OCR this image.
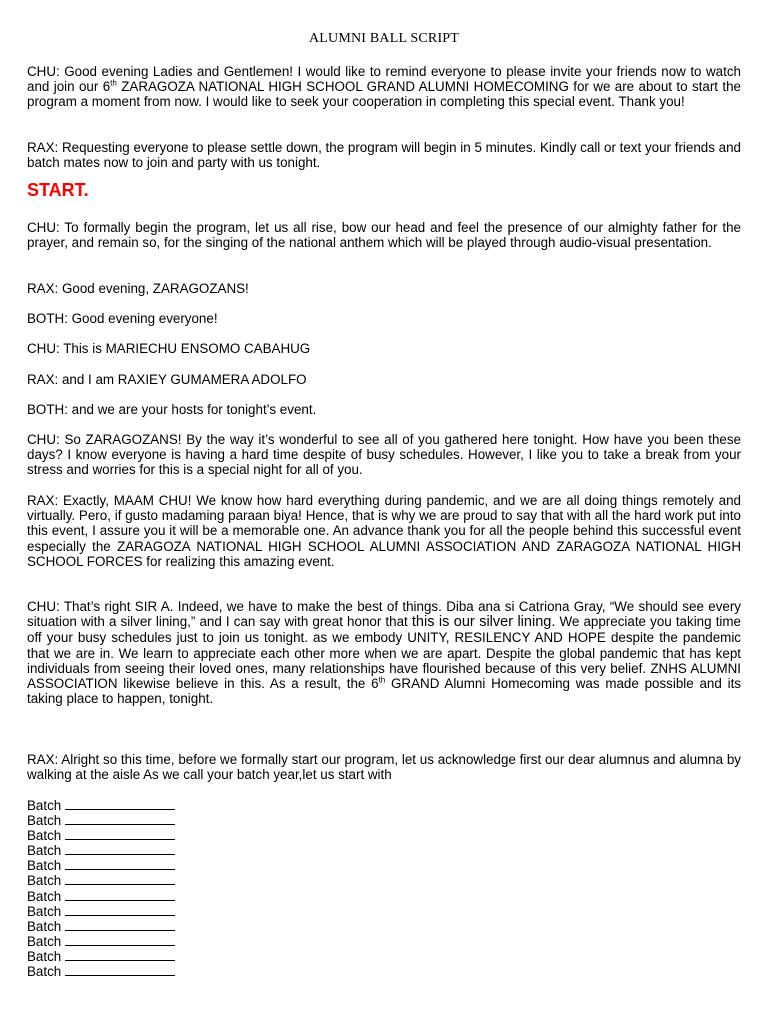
ALUMNI BALL SCRIPT

CHU: Good evening Ladies and Gentlemen! I would like to remind everyone to please invite your friends now to watch and join our 6th ZARAGOZA NATIONAL HIGH SCHOOL GRAND ALUMNI HOMECOMING for we are about to start the program a moment from now. I would like to seek your cooperation in completing this special event. Thank you!

RAX: Requesting everyone to please settle down, the program will begin in 5 minutes. Kindly call or text your friends and batch mates now to join and party with us tonight.

START.

CHU: To formally begin the program, let us all rise, bow our head and feel the presence of our almighty father for the prayer, and remain so, for the singing of the national anthem which will be played through audio-visual presentation.

RAX: Good evening, ZARAGOZANS!

BOTH: Good evening everyone!

CHU: This is MARIECHU ENSOMO CABAHUG

RAX: and I am RAXIEY GUMAMERA ADOLFO

BOTH: and we are your hosts for tonight’s event.

CHU: So ZARAGOZANS! By the way it’s wonderful to see all of you gathered here tonight. How have you been these days? I know everyone is having a hard time despite of busy schedules. However, I like you to take a break from your stress and worries for this is a special night for all of you.

RAX: Exactly, MAAM CHU! We know how hard everything during pandemic, and we are all doing things remotely and virtually. Pero, if gusto madaming paraan biya! Hence, that is why we are proud to say that with all the hard work put into this event, I assure you it will be a memorable one. An advance thank you for all the people behind this successful event especially the ZARAGOZA NATIONAL HIGH SCHOOL ALUMNI ASSOCIATION AND ZARAGOZA NATIONAL HIGH SCHOOL FORCES for realizing this amazing event.

CHU: That’s right SIR A. Indeed, we have to make the best of things. Diba ana si Catriona Gray, “We should see every situation with a silver lining,” and I can say with great honor that this is our silver lining. We appreciate you taking time off your busy schedules just to join us tonight. as we embody UNITY, RESILENCY AND HOPE despite the pandemic that we are in. We learn to appreciate each other more when we are apart. Despite the global pandemic that has kept individuals from seeing their loved ones, many relationships have flourished because of this very belief. ZNHS ALUMNI ASSOCIATION likewise believe in this. As a result, the 6th GRAND Alumni Homecoming was made possible and its taking place to happen, tonight.

RAX: Alright so this time, before we formally start our program, let us acknowledge first our dear alumnus and alumna by walking at the aisle As we call your batch year,let us start with

Batch
Batch
Batch
Batch
Batch
Batch
Batch
Batch
Batch
Batch
Batch
Batch
